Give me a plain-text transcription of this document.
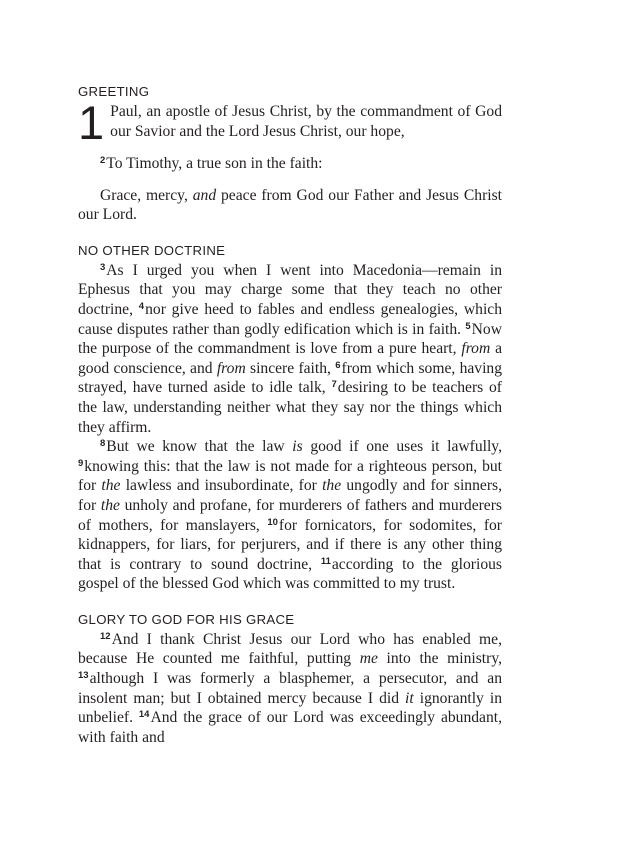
GREETING
1 Paul, an apostle of Jesus Christ, by the commandment of God our Savior and the Lord Jesus Christ, our hope,

$^2$To Timothy, a true son in the faith:

Grace, mercy, and peace from God our Father and Jesus Christ our Lord.

NO OTHER DOCTRINE

$^3$As I urged you when I went into Macedonia—remain in Ephesus that you may charge some that they teach no other doctrine, $^4$nor give heed to fables and endless genealogies, which cause disputes rather than godly edification which is in faith. $^5$Now the purpose of the commandment is love from a pure heart, from a good conscience, and from sincere faith, $^6$from which some, having strayed, have turned aside to idle talk, $^7$desiring to be teachers of the law, understanding neither what they say nor the things which they affirm.

$^8$But we know that the law is good if one uses it lawfully, $^9$knowing this: that the law is not made for a righteous person, but for the lawless and insubordinate, for the ungodly and for sinners, for the unholy and profane, for murderers of fathers and murderers of mothers, for manslayers, $^{10}$for fornicators, for sodomites, for kidnappers, for liars, for perjurers, and if there is any other thing that is contrary to sound doctrine, $^{11}$according to the glorious gospel of the blessed God which was committed to my trust.

GLORY TO GOD FOR HIS GRACE

$^{12}$And I thank Christ Jesus our Lord who has enabled me, because He counted me faithful, putting me into the ministry, $^{13}$although I was formerly a blasphemer, a persecutor, and an insolent man; but I obtained mercy because I did it ignorantly in unbelief. $^{14}$And the grace of our Lord was exceedingly abundant, with faith and
